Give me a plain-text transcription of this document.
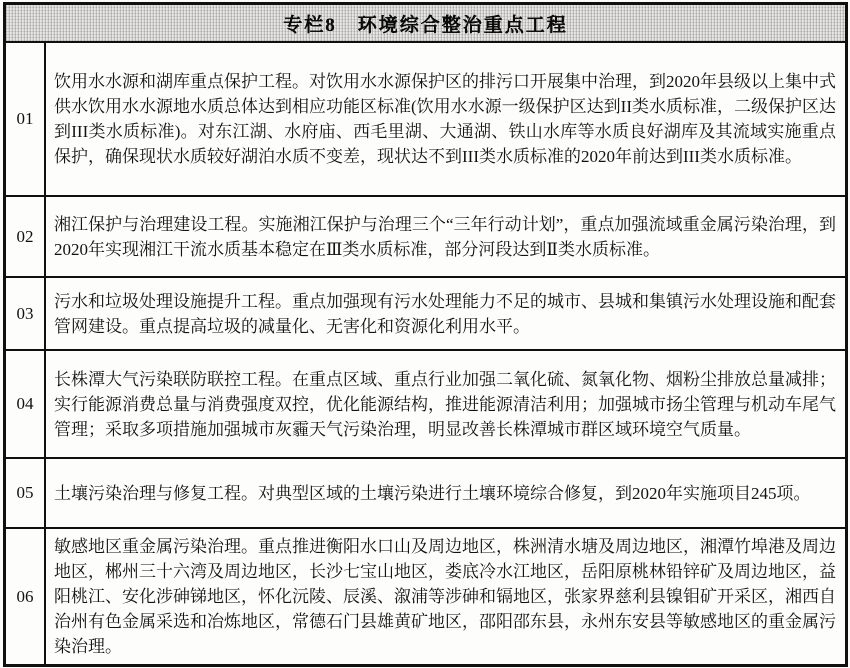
专栏8　环境综合整治重点工程
01

饮用水水源和湖库重点保护工程。对饮用水水源保护区的排污口开展集中治理，到2020年县级以上集中式供水饮用水水源地水质总体达到相应功能区标准(饮用水水源一级保护区达到II类水质标准，二级保护区达到III类水质标准)。对东江湖、水府庙、西毛里湖、大通湖、铁山水库等水质良好湖库及其流域实施重点保护，确保现状水质较好湖泊水质不变差，现状达不到III类水质标准的2020年前达到III类水质标准。

02

湘江保护与治理建设工程。实施湘江保护与治理三个“三年行动计划”，重点加强流域重金属污染治理，到2020年实现湘江干流水质基本稳定在Ⅲ类水质标准，部分河段达到Ⅱ类水质标准。

03

污水和垃圾处理设施提升工程。重点加强现有污水处理能力不足的城市、县城和集镇污水处理设施和配套管网建设。重点提高垃圾的减量化、无害化和资源化利用水平。

04

长株潭大气污染联防联控工程。在重点区域、重点行业加强二氧化硫、氮氧化物、烟粉尘排放总量减排；实行能源消费总量与消费强度双控，优化能源结构，推进能源清洁利用；加强城市扬尘管理与机动车尾气管理；采取多项措施加强城市灰霾天气污染治理，明显改善长株潭城市群区域环境空气质量。

05	土壤污染治理与修复工程。对典型区域的土壤污染进行土壤环境综合修复，到2020年实施项目245项。

06

敏感地区重金属污染治理。重点推进衡阳水口山及周边地区，株洲清水塘及周边地区，湘潭竹埠港及周边地区，郴州三十六湾及周边地区，长沙七宝山地区，娄底冷水江地区，岳阳原桃林铅锌矿及周边地区，益阳桃江、安化涉砷锑地区，怀化沅陵、辰溪、溆浦等涉砷和镉地区，张家界慈利县镍钼矿开采区，湘西自治州有色金属采选和冶炼地区，常德石门县雄黄矿地区，邵阳邵东县，永州东安县等敏感地区的重金属污染治理。
